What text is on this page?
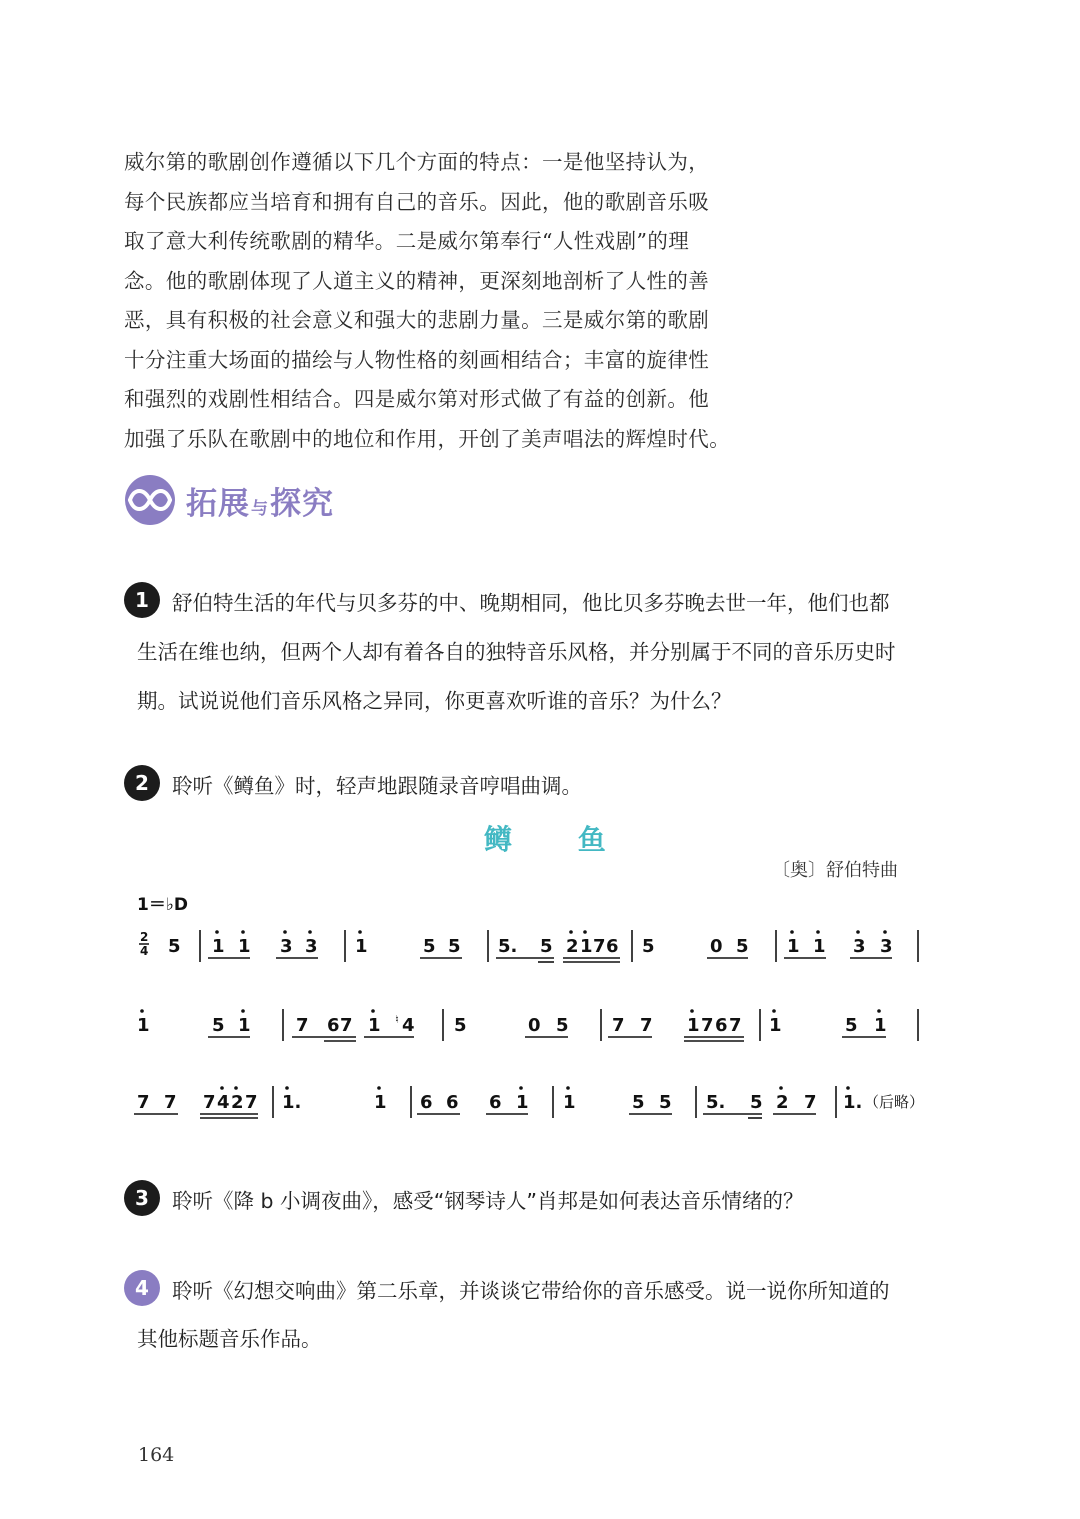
威尔第的歌剧创作遵循以下几个方面的特点：一是他坚持认为，
每个民族都应当培育和拥有自己的音乐。因此，他的歌剧音乐吸
取了意大利传统歌剧的精华。二是威尔第奉行“人性戏剧”的理
念。他的歌剧体现了人道主义的精神，更深刻地剖析了人性的善
恶，具有积极的社会意义和强大的悲剧力量。三是威尔第的歌剧
十分注重大场面的描绘与人物性格的刻画相结合；丰富的旋律性
和强烈的戏剧性相结合。四是威尔第对形式做了有益的创新。他
加强了乐队在歌剧中的地位和作用，开创了美声唱法的辉煌时代。
拓展与探究
1	舒伯特生活的年代与贝多芬的中、晚期相同，他比贝多芬晚去世一年，他们也都
生活在维也纳，但两个人却有着各自的独特音乐风格，并分别属于不同的音乐历史时
期。试说说他们音乐风格之异同，你更喜欢听谁的音乐？为什么？
2	聆听《鳟鱼》时，轻声地跟随录音哼唱曲调。
鳟 鱼
〔奥〕舒伯特曲
1＝♭D
2
4 5 1 1 3 3 1	5 5 5. 5 2 1 7 6 5	0 5 1 1 3 3
1	5 1	7 6 7 1 4 5	0 5 7 7 1 7 6 7 1	5 1
♮
7 7 7 4 2 7 1.	1 6 6 6 1 1	5 5 5. 5 2 7 1. （后略）
3	聆听《降 b 小调夜曲》，感受“钢琴诗人”肖邦是如何表达音乐情绪的？
4	聆听《幻想交响曲》第二乐章，并谈谈它带给你的音乐感受。说一说你所知道的
其他标题音乐作品。
164
